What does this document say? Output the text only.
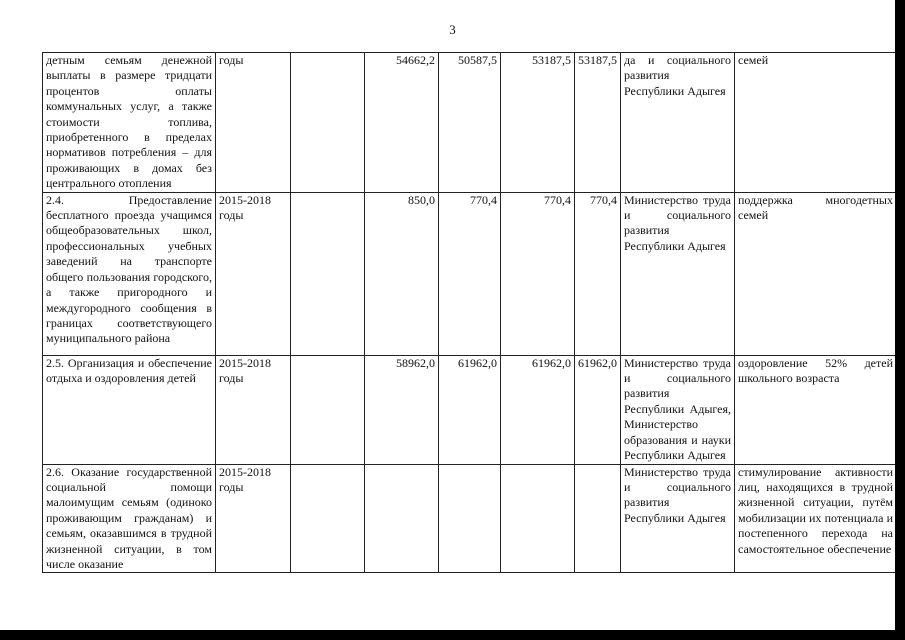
3
детным семьям денежной выплаты в размере тридцати процентов оплаты коммунальных услуг, а также стоимости топлива, приобретенного в пределах нормативов потребления – для проживающих в домах без центрального отопления	годы		54662,2	50587,5	53187,5	53187,5	да и социального развития Республики Адыгея	семей
2.4. Предоставление бесплатного проезда учащимся общеобразовательных школ, профессиональных учебных заведений на транспорте общего пользования городского, а также пригородного и междугородного сообщения в границах соответствующего муниципального района	2015-2018 годы		850,0	770,4	770,4	770,4	Министерство труда и социального развития Республики Адыгея	поддержка многодетных семей
2.5. Организация и обеспечение отдыха и оздоровления детей	2015-2018 годы		58962,0	61962,0	61962,0	61962,0	Министерство труда и социального развития Республики Адыгея, Министерство образования и науки Республики Адыгея	оздоровление 52% детей школьного возраста
2.6. Оказание государственной социальной помощи малоимущим семьям (одиноко проживающим гражданам) и семьям, оказавшимся в трудной жизненной ситуации, в том числе оказание	2015-2018 годы						Министерство труда и социального развития Республики Адыгея	стимулирование активности лиц, находящихся в трудной жизненной ситуации, путём мобилизации их потенциала и постепенного перехода на самостоятельное обеспечение
